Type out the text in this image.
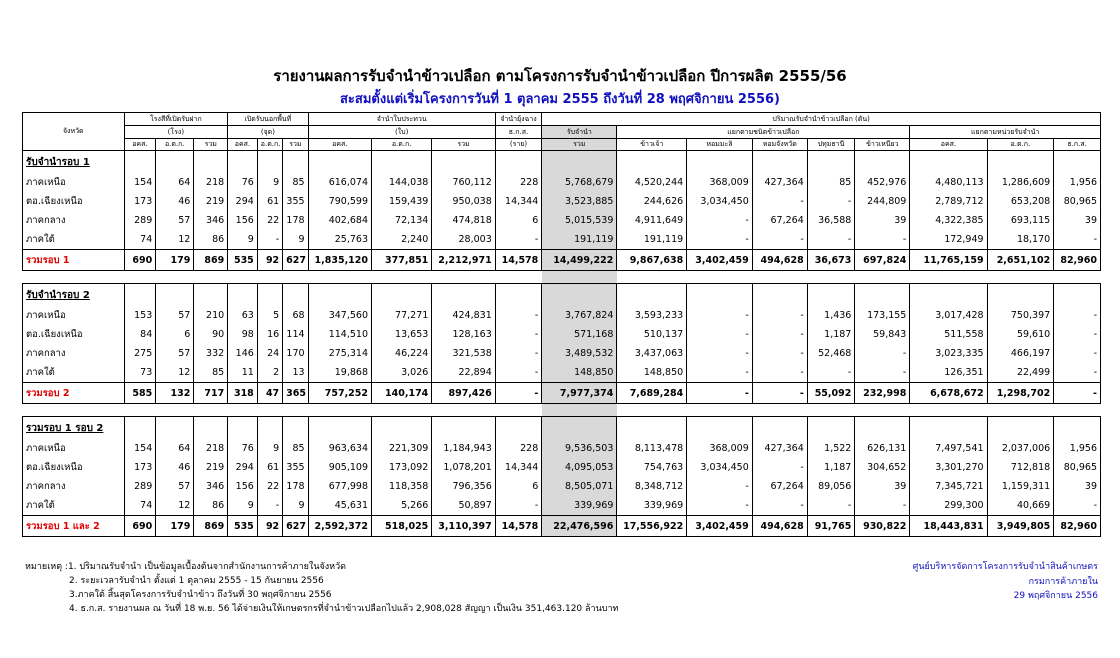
รายงานผลการรับจำนำข้าวเปลือก ตามโครงการรับจำนำข้าวเปลือก ปีการผลิต 2555/56
สะสมตั้งแต่เริ่มโครงการวันที่ 1 ตุลาคม 2555 ถึงวันที่ 28 พฤศจิกายน 2556)
จังหวัด	โรงสีที่เปิดรับฝาก			เปิดรับนอกพื้นที่			จำนำใบประทวน			จำนำยุ้งฉาง	ปริมาณรับจำนำข้าวเปลือก (ตัน)								
	(โรง)			(จุด)			(ใบ)			ธ.ก.ส.	รับจำนำ	แยกตามชนิดข้าวเปลือก					แยกตามหน่วยรับจำนำ		
	อคส.	อ.ต.ก.	รวม	อคส.	อ.ต.ก.	รวม	อคส.	อ.ต.ก.	รวม	(ราย)	รวม	ข้าวเจ้า	หอมมะลิ	หอมจังหวัด	ปทุมธานี	ข้าวเหนียว	อคส.	อ.ต.ก.	ธ.ก.ส.
รับจำนำรอบ 1																			
ภาคเหนือ	154	64	218	76	9	85	616,074	144,038	760,112	228	5,768,679	4,520,244	368,009	427,364	85	452,976	4,480,113	1,286,609	1,956
ตอ.เฉียงเหนือ	173	46	219	294	61	355	790,599	159,439	950,038	14,344	3,523,885	244,626	3,034,450	-	-	244,809	2,789,712	653,208	80,965
ภาคกลาง	289	57	346	156	22	178	402,684	72,134	474,818	6	5,015,539	4,911,649	-	67,264	36,588	39	4,322,385	693,115	39
ภาคใต้	74	12	86	9	-	9	25,763	2,240	28,003	-	191,119	191,119	-	-	-	-	172,949	18,170	-
รวมรอบ 1	690	179	869	535	92	627	1,835,120	377,851	2,212,971	14,578	14,499,222	9,867,638	3,402,459	494,628	36,673	697,824	11,765,159	2,651,102	82,960

รับจำนำรอบ 2																			
ภาคเหนือ	153	57	210	63	5	68	347,560	77,271	424,831	-	3,767,824	3,593,233	-	-	1,436	173,155	3,017,428	750,397	-
ตอ.เฉียงเหนือ	84	6	90	98	16	114	114,510	13,653	128,163	-	571,168	510,137	-	-	1,187	59,843	511,558	59,610	-
ภาคกลาง	275	57	332	146	24	170	275,314	46,224	321,538	-	3,489,532	3,437,063	-	-	52,468	-	3,023,335	466,197	-
ภาคใต้	73	12	85	11	2	13	19,868	3,026	22,894	-	148,850	148,850	-	-	-	-	126,351	22,499	-
รวมรอบ 2	585	132	717	318	47	365	757,252	140,174	897,426	-	7,977,374	7,689,284	-	-	55,092	232,998	6,678,672	1,298,702	-

รวมรอบ 1 รอบ 2																			
ภาคเหนือ	154	64	218	76	9	85	963,634	221,309	1,184,943	228	9,536,503	8,113,478	368,009	427,364	1,522	626,131	7,497,541	2,037,006	1,956
ตอ.เฉียงเหนือ	173	46	219	294	61	355	905,109	173,092	1,078,201	14,344	4,095,053	754,763	3,034,450	-	1,187	304,652	3,301,270	712,818	80,965
ภาคกลาง	289	57	346	156	22	178	677,998	118,358	796,356	6	8,505,071	8,348,712	-	67,264	89,056	39	7,345,721	1,159,311	39
ภาคใต้	74	12	86	9	-	9	45,631	5,266	50,897	-	339,969	339,969	-	-	-	-	299,300	40,669	-
รวมรอบ 1 และ 2	690	179	869	535	92	627	2,592,372	518,025	3,110,397	14,578	22,476,596	17,556,922	3,402,459	494,628	91,765	930,822	18,443,831	3,949,805	82,960
หมายเหตุ :1. ปริมาณรับจำนำ เป็นข้อมูลเบื้องต้นจากสำนักงานการค้าภายในจังหวัด
2. ระยะเวลารับจำนำ ตั้งแต่ 1 ตุลาคม 2555 - 15 กันยายน 2556
3.ภาคใต้ สิ้นสุดโครงการรับจำนำข้าว ถึงวันที่ 30 พฤศจิกายน 2556
4. ธ.ก.ส. รายงานผล ณ วันที่ 18 พ.ย. 56 ได้จ่ายเงินให้เกษตรกรที่จำนำข้าวเปลือกไปแล้ว 2,908,028 สัญญา เป็นเงิน 351,463.120 ล้านบาท
ศูนย์บริหารจัดการโครงการรับจำนำสินค้าเกษตร
กรมการค้าภายใน
29 พฤศจิกายน 2556
